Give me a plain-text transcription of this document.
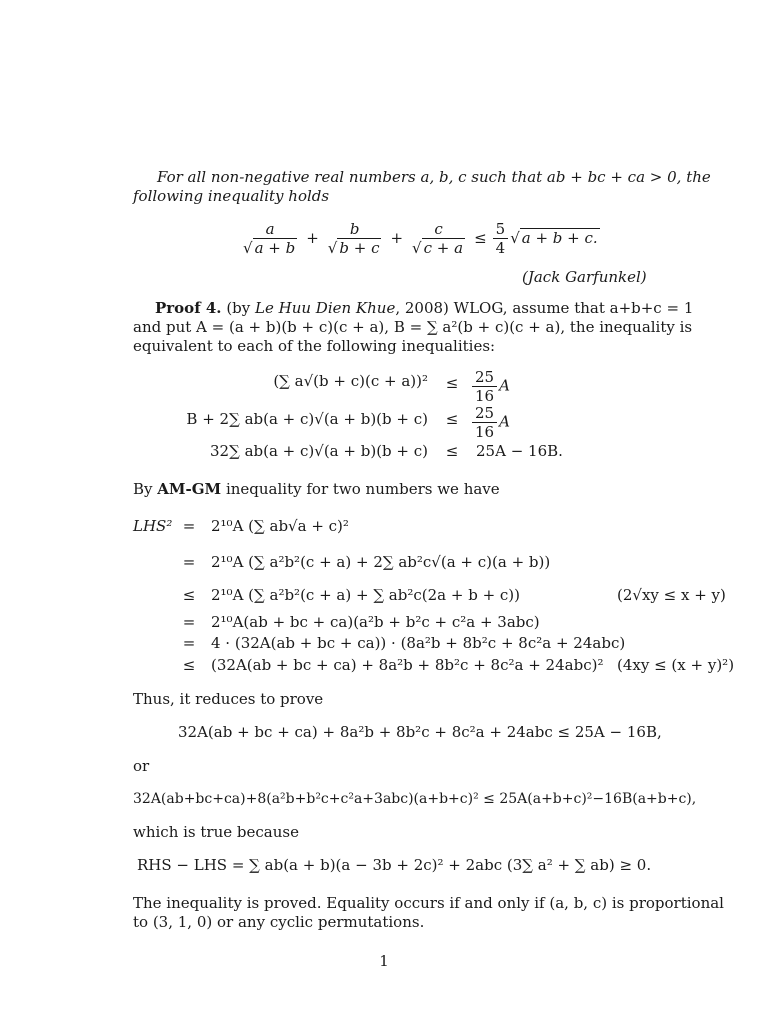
For all non-negative real numbers a, b, c such that ab + bc + ca > 0, the
following inequality holds
$\frac{a}{√ a + b} + \frac{b}{√ b + c} + \frac{c}{√ c + a} \le \frac{5}{4}$ √ a + b + c.
(Jack Garfunkel)
Proof 4. (by Le Huu Dien Khue, 2008) WLOG, assume that a+b+c = 1
and put A = (a + b)(b + c)(c + a), B = ∑ a²(b + c)(c + a), the inequality is
equivalent to each of the following inequalities:
(∑ $a√(b + c)(c + a))^2 \le \frac{25}{16}$ A
B + 2∑ $ab(a + c)√(a + b)(b + c) \le \frac{25}{16}$ A
32∑ ab(a + c)√(a + b)(b + c) ≤ 25A − 16B.
By AM-GM inequality for two numbers we have
LHS² = 2¹⁰A (∑ ab√a + c)²
= 2¹⁰A (∑ a²b²(c + a) + 2∑ ab²c√(a + c)(a + b))
≤ 2¹⁰A (∑ a²b²(c + a) + ∑ ab²c(2a + b + c))	(2√xy ≤ x + y)
= 2¹⁰A(ab + bc + ca)(a²b + b²c + c²a + 3abc)
= 4 · (32A(ab + bc + ca)) · (8a²b + 8b²c + 8c²a + 24abc)
≤ (32A(ab + bc + ca) + 8a²b + 8b²c + 8c²a + 24abc)² (4xy ≤ (x + y)²)
Thus, it reduces to prove
32A(ab + bc + ca) + 8a²b + 8b²c + 8c²a + 24abc ≤ 25A − 16B,
or
32A(ab+bc+ca)+8(a²b+b²c+c²a+3abc)(a+b+c)² ≤ 25A(a+b+c)²−16B(a+b+c),
which is true because
RHS − LHS = ∑ ab(a + b)(a − 3b + 2c)² + 2abc (3∑ a² + ∑ ab) ≥ 0.
The inequality is proved. Equality occurs if and only if (a, b, c) is proportional
to (3, 1, 0) or any cyclic permutations.
1
